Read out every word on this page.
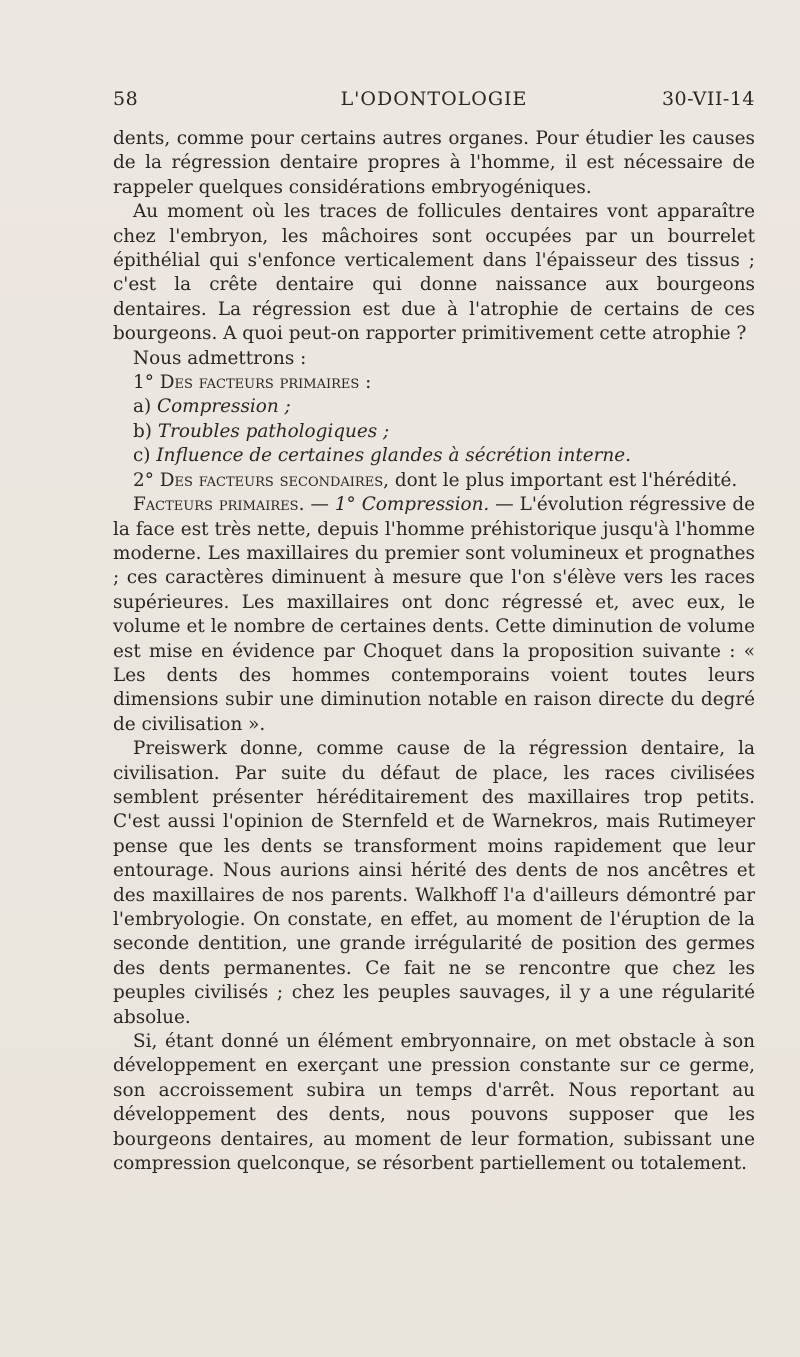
58	L'ODONTOLOGIE	30-VII-14

dents, comme pour certains autres organes. Pour étudier les causes de la régression dentaire propres à l'homme, il est nécessaire de rappeler quelques considérations embryogéniques.

Au moment où les traces de follicules dentaires vont apparaître chez l'embryon, les mâchoires sont occupées par un bourrelet épithélial qui s'enfonce verticalement dans l'épaisseur des tissus ; c'est la crête dentaire qui donne naissance aux bourgeons dentaires. La régression est due à l'atrophie de certains de ces bourgeons. A quoi peut-on rapporter primitivement cette atrophie ?

Nous admettrons :

1° Des facteurs primaires :

a) Compression ;

b) Troubles pathologiques ;

c) Influence de certaines glandes à sécrétion interne.

2° Des facteurs secondaires, dont le plus important est l'hérédité.

Facteurs primaires. — 1° Compression. — L'évolution régressive de la face est très nette, depuis l'homme préhistorique jusqu'à l'homme moderne. Les maxillaires du premier sont volumineux et prognathes ; ces caractères diminuent à mesure que l'on s'élève vers les races supérieures. Les maxillaires ont donc régressé et, avec eux, le volume et le nombre de certaines dents. Cette diminution de volume est mise en évidence par Choquet dans la proposition suivante : « Les dents des hommes contemporains voient toutes leurs dimensions subir une diminution notable en raison directe du degré de civilisation ».

Preiswerk donne, comme cause de la régression dentaire, la civilisation. Par suite du défaut de place, les races civilisées semblent présenter héréditairement des maxillaires trop petits. C'est aussi l'opinion de Sternfeld et de Warnekros, mais Rutimeyer pense que les dents se transforment moins rapidement que leur entourage. Nous aurions ainsi hérité des dents de nos ancêtres et des maxillaires de nos parents. Walkhoff l'a d'ailleurs démontré par l'embryologie. On constate, en effet, au moment de l'éruption de la seconde dentition, une grande irrégularité de position des germes des dents permanentes. Ce fait ne se rencontre que chez les peuples civilisés ; chez les peuples sauvages, il y a une régularité absolue.

Si, étant donné un élément embryonnaire, on met obstacle à son développement en exerçant une pression constante sur ce germe, son accroissement subira un temps d'arrêt. Nous reportant au développement des dents, nous pouvons supposer que les bourgeons dentaires, au moment de leur formation, subissant une compression quelconque, se résorbent partiellement ou totalement.
